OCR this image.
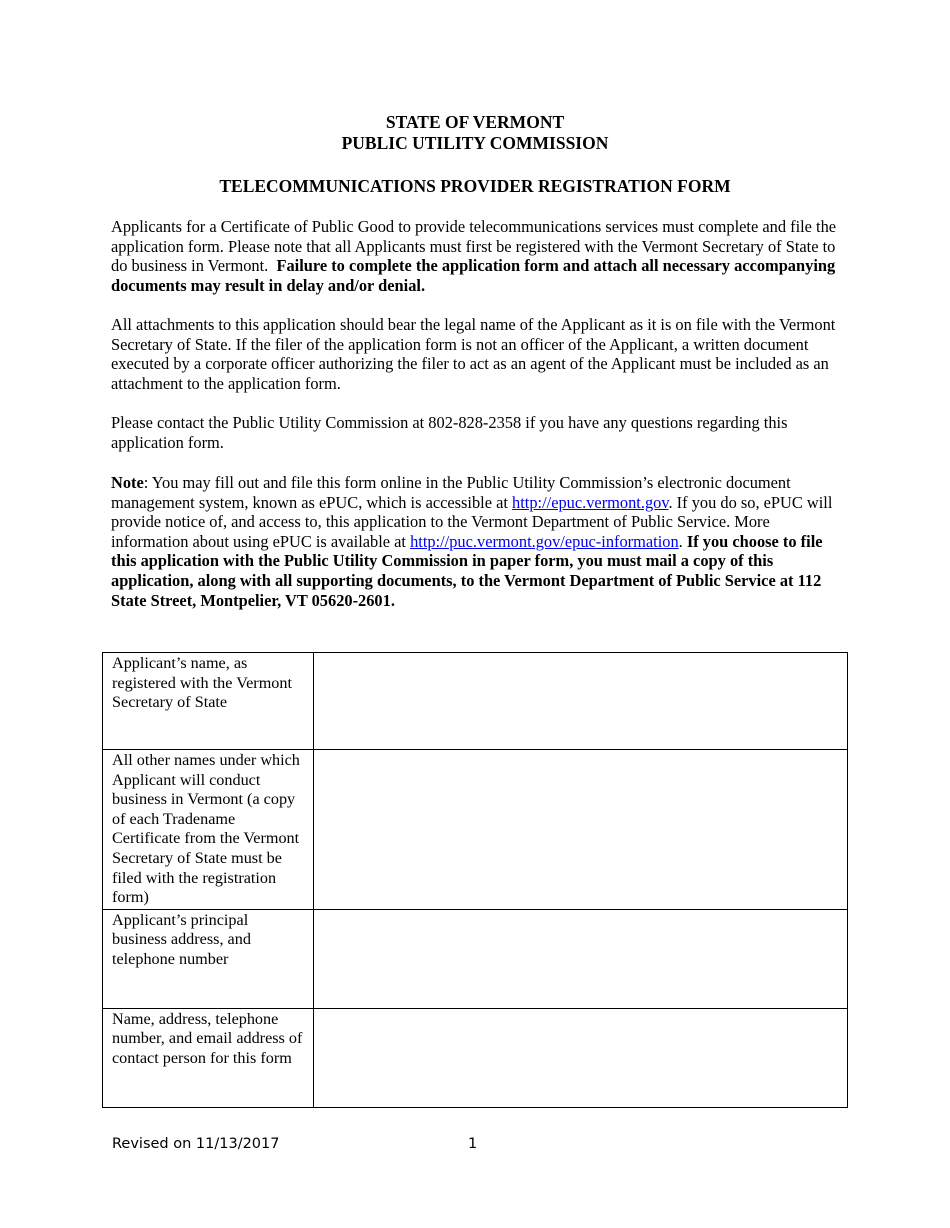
STATE OF VERMONT
PUBLIC UTILITY COMMISSION
TELECOMMUNICATIONS PROVIDER REGISTRATION FORM

Applicants for a Certificate of Public Good to provide telecommunications services must complete and file the application form. Please note that all Applicants must first be registered with the Vermont Secretary of State to do business in Vermont. Failure to complete the application form and attach all necessary accompanying documents may result in delay and/or denial.

All attachments to this application should bear the legal name of the Applicant as it is on file with the Vermont Secretary of State. If the filer of the application form is not an officer of the Applicant, a written document executed by a corporate officer authorizing the filer to act as an agent of the Applicant must be included as an attachment to the application form.

Please contact the Public Utility Commission at 802-828-2358 if you have any questions regarding this application form.

Note: You may fill out and file this form online in the Public Utility Commission’s electronic document management system, known as ePUC, which is accessible at http://epuc.vermont.gov. If you do so, ePUC will provide notice of, and access to, this application to the Vermont Department of Public Service. More information about using ePUC is available at http://puc.vermont.gov/epuc-information. If you choose to file this application with the Public Utility Commission in paper form, you must mail a copy of this application, along with all supporting documents, to the Vermont Department of Public Service at 112 State Street, Montpelier, VT 05620-2601.

Applicant’s name, as registered with the Vermont Secretary of State	
All other names under which Applicant will conduct business in Vermont (a copy of each Tradename Certificate from the Vermont Secretary of State must be filed with the registration form)	
Applicant’s principal business address, and telephone number	
Name, address, telephone number, and email address of contact person for this form	
Revised on 11/13/2017	1
